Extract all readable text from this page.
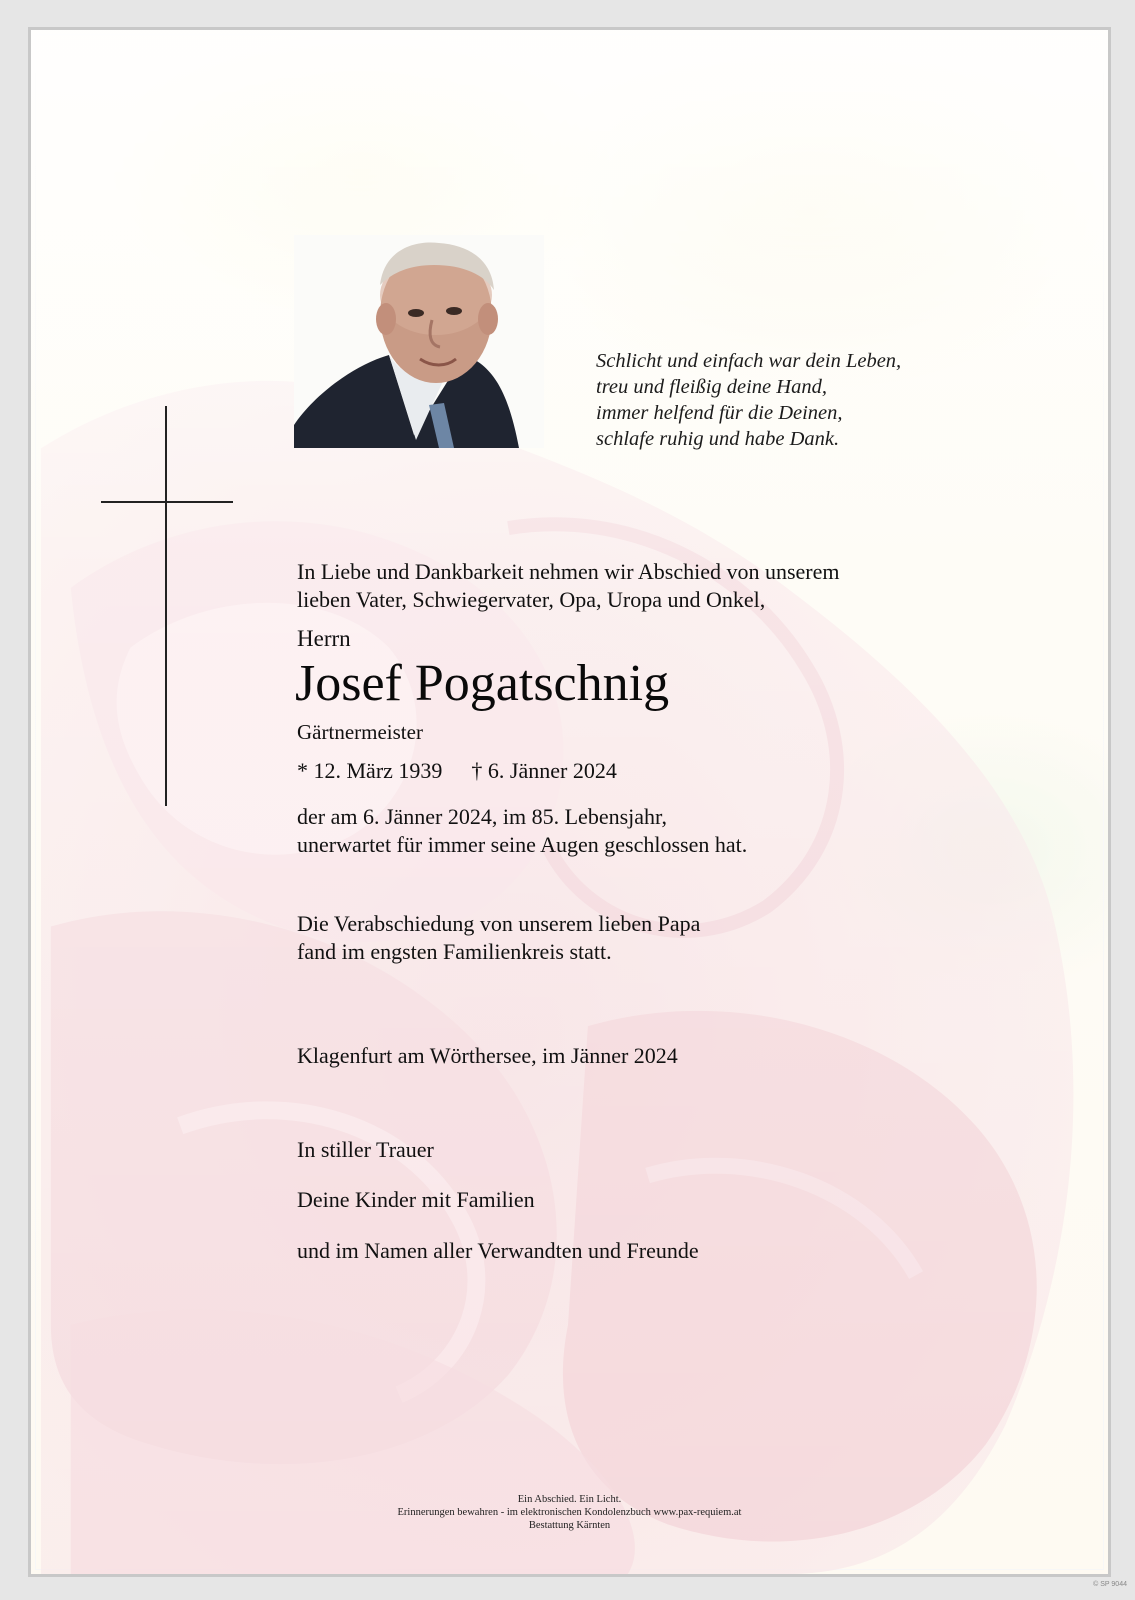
Schlicht und einfach war dein Leben,
treu und fleißig deine Hand,
immer helfend für die Deinen,
schlafe ruhig und habe Dank.
In Liebe und Dankbarkeit nehmen wir Abschied von unserem
lieben Vater, Schwiegervater, Opa, Uropa und Onkel,
Herrn
Josef Pogatschnig
Gärtnermeister
* 12. März 1939 † 6. Jänner 2024
der am 6. Jänner 2024, im 85. Lebensjahr,
unerwartet für immer seine Augen geschlossen hat.
Die Verabschiedung von unserem lieben Papa
fand im engsten Familienkreis statt.
Klagenfurt am Wörthersee, im Jänner 2024
In stiller Trauer
Deine Kinder mit Familien
und im Namen aller Verwandten und Freunde
Ein Abschied. Ein Licht.
Erinnerungen bewahren - im elektronischen Kondolenzbuch www.pax-requiem.at
Bestattung Kärnten
© SP 9044
